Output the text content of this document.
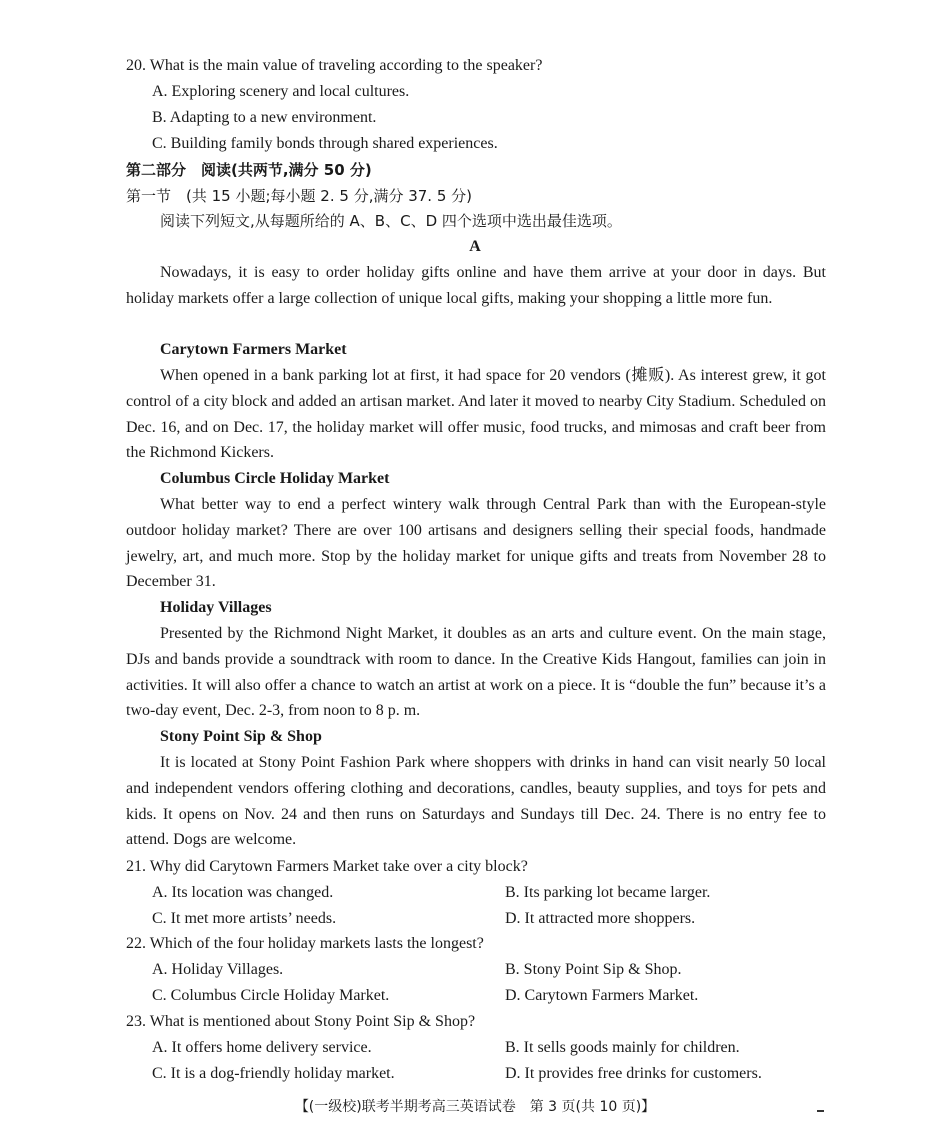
20. What is the main value of traveling according to the speaker?
A. Exploring scenery and local cultures.
B. Adapting to a new environment.
C. Building family bonds through shared experiences.
第二部分　阅读(共两节,满分 50 分)
第一节　(共 15 小题;每小题 2. 5 分,满分 37. 5 分)
阅读下列短文,从每题所给的 A、B、C、D 四个选项中选出最佳选项。
A

Nowadays, it is easy to order holiday gifts online and have them arrive at your door in days. But holiday markets offer a large collection of unique local gifts, making your shopping a little more fun.

Carytown Farmers Market

When opened in a bank parking lot at first, it had space for 20 vendors (摊贩). As interest grew, it got control of a city block and added an artisan market. And later it moved to nearby City Stadium. Scheduled on Dec. 16, and on Dec. 17, the holiday market will offer music, food trucks, and mimosas and craft beer from the Richmond Kickers.

Columbus Circle Holiday Market

What better way to end a perfect wintery walk through Central Park than with the European-style outdoor holiday market? There are over 100 artisans and designers selling their special foods, handmade jewelry, art, and much more. Stop by the holiday market for unique gifts and treats from November 28 to December 31.

Holiday Villages

Presented by the Richmond Night Market, it doubles as an arts and culture event. On the main stage, DJs and bands provide a soundtrack with room to dance. In the Creative Kids Hangout, families can join in activities. It will also offer a chance to watch an artist at work on a piece. It is “double the fun” because it’s a two-day event, Dec. 2-3, from noon to 8 p. m.

Stony Point Sip & Shop

It is located at Stony Point Fashion Park where shoppers with drinks in hand can visit nearly 50 local and independent vendors offering clothing and decorations, candles, beauty supplies, and toys for pets and kids. It opens on Nov. 24 and then runs on Saturdays and Sundays till Dec. 24. There is no entry fee to attend. Dogs are welcome.

21. Why did Carytown Farmers Market take over a city block?
A. Its location was changed.	B. Its parking lot became larger.
C. It met more artists’ needs.	D. It attracted more shoppers.
22. Which of the four holiday markets lasts the longest?
A. Holiday Villages.	B. Stony Point Sip & Shop.
C. Columbus Circle Holiday Market.	D. Carytown Farmers Market.
23. What is mentioned about Stony Point Sip & Shop?
A. It offers home delivery service.	B. It sells goods mainly for children.
C. It is a dog-friendly holiday market.	D. It provides free drinks for customers.
【(一级校)联考半期考高三英语试卷　第 3 页(共 10 页)】
